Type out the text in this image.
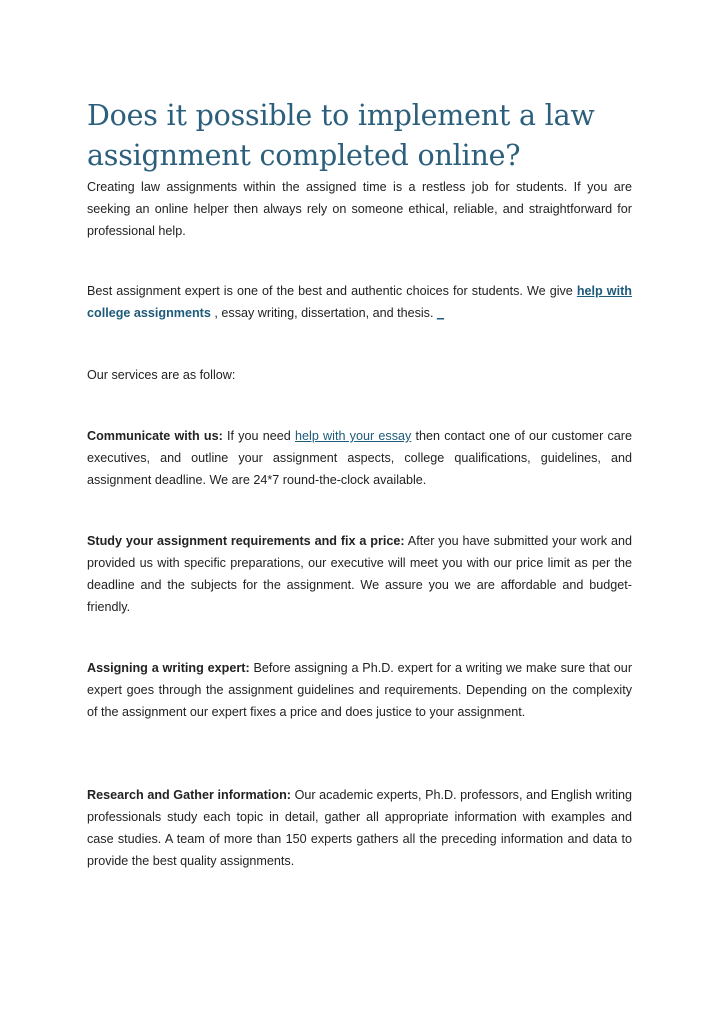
Does it possible to implement a law assignment completed online?

Creating law assignments within the assigned time is a restless job for students. If you are seeking an online helper then always rely on someone ethical, reliable, and straightforward for professional help.

Best assignment expert is one of the best and authentic choices for students. We give help with college assignments , essay writing, dissertation, and thesis. _

Our services are as follow:

Communicate with us: If you need help with your essay then contact one of our customer care executives, and outline your assignment aspects, college qualifications, guidelines, and assignment deadline. We are 24*7 round-the-clock available.

Study your assignment requirements and fix a price: After you have submitted your work and provided us with specific preparations, our executive will meet you with our price limit as per the deadline and the subjects for the assignment. We assure you we are affordable and budget-friendly.

Assigning a writing expert: Before assigning a Ph.D. expert for a writing we make sure that our expert goes through the assignment guidelines and requirements. Depending on the complexity of the assignment our expert fixes a price and does justice to your assignment.

Research and Gather information: Our academic experts, Ph.D. professors, and English writing professionals study each topic in detail, gather all appropriate information with examples and case studies. A team of more than 150 experts gathers all the preceding information and data to provide the best quality assignments.
